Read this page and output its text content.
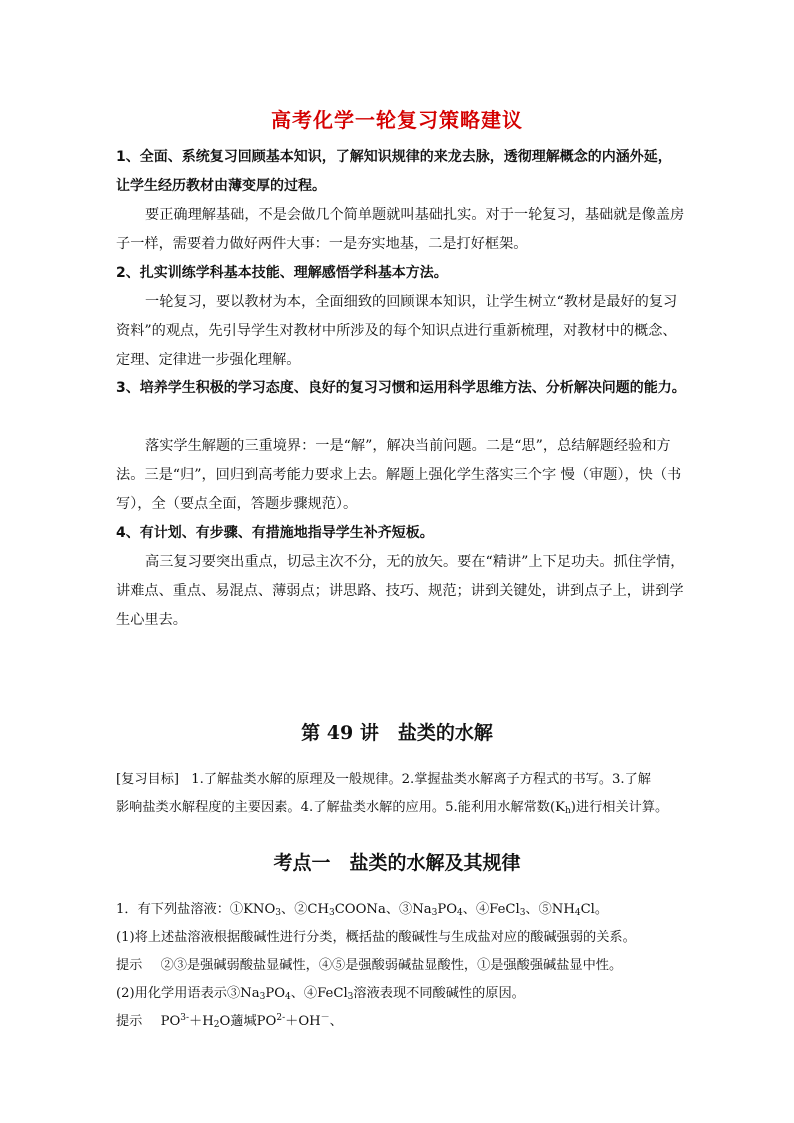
高考化学一轮复习策略建议
1、全面、系统复习回顾基本知识，了解知识规律的来龙去脉，透彻理解概念的内涵外延，
让学生经历教材由薄变厚的过程。
要正确理解基础，不是会做几个简单题就叫基础扎实。对于一轮复习，基础就是像盖房
子一样，需要着力做好两件大事：一是夯实地基，二是打好框架。
2、扎实训练学科基本技能、理解感悟学科基本方法。
一轮复习，要以教材为本，全面细致的回顾课本知识，让学生树立“教材是最好的复习
资料”的观点，先引导学生对教材中所涉及的每个知识点进行重新梳理，对教材中的概念、
定理、定律进一步强化理解。
3、培养学生积极的学习态度、良好的复习习惯和运用科学思维方法、分析解决问题的能力。
落实学生解题的三重境界：一是“解”，解决当前问题。二是“思”，总结解题经验和方
法。三是“归”，回归到高考能力要求上去。解题上强化学生落实三个字 慢（审题），快（书
写），全（要点全面，答题步骤规范）。
4、有计划、有步骤、有措施地指导学生补齐短板。
高三复习要突出重点，切忌主次不分，无的放矢。要在“精讲”上下足功夫。抓住学情，
讲难点、重点、易混点、薄弱点；讲思路、技巧、规范；讲到关键处，讲到点子上，讲到学
生心里去。
第 49 讲　盐类的水解
[复习目标] 1.了解盐类水解的原理及一般规律。2.掌握盐类水解离子方程式的书写。3.了解
影响盐类水解程度的主要因素。4.了解盐类水解的应用。5.能利用水解常数$(K_h)$进行相关计算。
考点一　盐类的水解及其规律
1．有下列盐溶液：$①KNO_3$、$②CH_3COONa$、$③Na_3PO_4$、④FeCl$_3$、$⑤NH_4Cl$。
(1)将上述盐溶液根据酸碱性进行分类，概括盐的酸碱性与生成盐对应的酸碱强弱的关系。
提示 ②③是强碱弱酸盐显碱性，④⑤是强酸弱碱盐显酸性，①是强酸强碱盐显中性。
(2)用化学用语表示$③Na_3PO_4$、④FeCl$_3$溶液表现不同酸碱性的原因。
提示 $PO^{3-}+H_2O$藡堿$PO^{2-}+OH^-$、
